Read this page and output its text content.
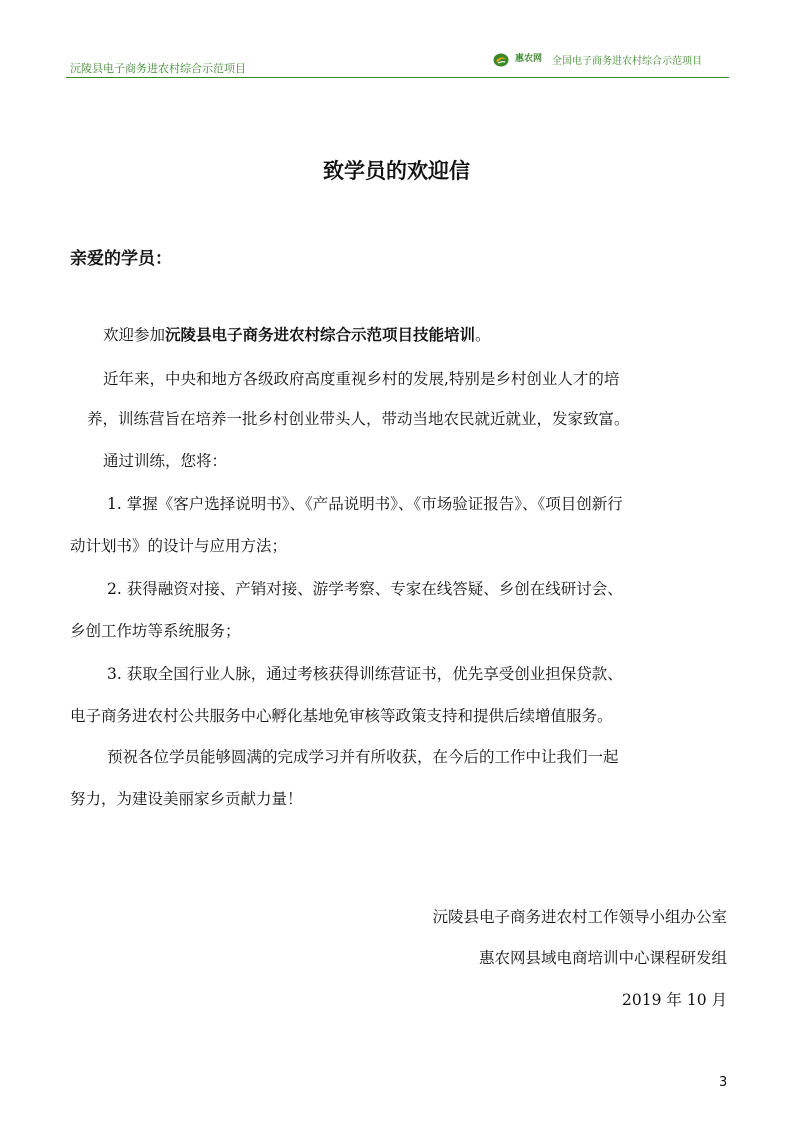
沅陵县电子商务进农村综合示范项目
惠农网 全国电子商务进农村综合示范项目
致学员的欢迎信
亲爱的学员：
欢迎参加沅陵县电子商务进农村综合示范项目技能培训。
近年来，中央和地方各级政府高度重视乡村的发展,特别是乡村创业人才的培
养，训练营旨在培养一批乡村创业带头人，带动当地农民就近就业，发家致富。
通过训练，您将：
1. 掌握《客户选择说明书》、《产品说明书》、《市场验证报告》、《项目创新行
动计划书》的设计与应用方法；
2. 获得融资对接、产销对接、游学考察、专家在线答疑、乡创在线研讨会、
乡创工作坊等系统服务；
3. 获取全国行业人脉，通过考核获得训练营证书，优先享受创业担保贷款、
电子商务进农村公共服务中心孵化基地免审核等政策支持和提供后续增值服务。
预祝各位学员能够圆满的完成学习并有所收获，在今后的工作中让我们一起
努力，为建设美丽家乡贡献力量！
沅陵县电子商务进农村工作领导小组办公室
惠农网县域电商培训中心课程研发组
2019 年 10 月
3
